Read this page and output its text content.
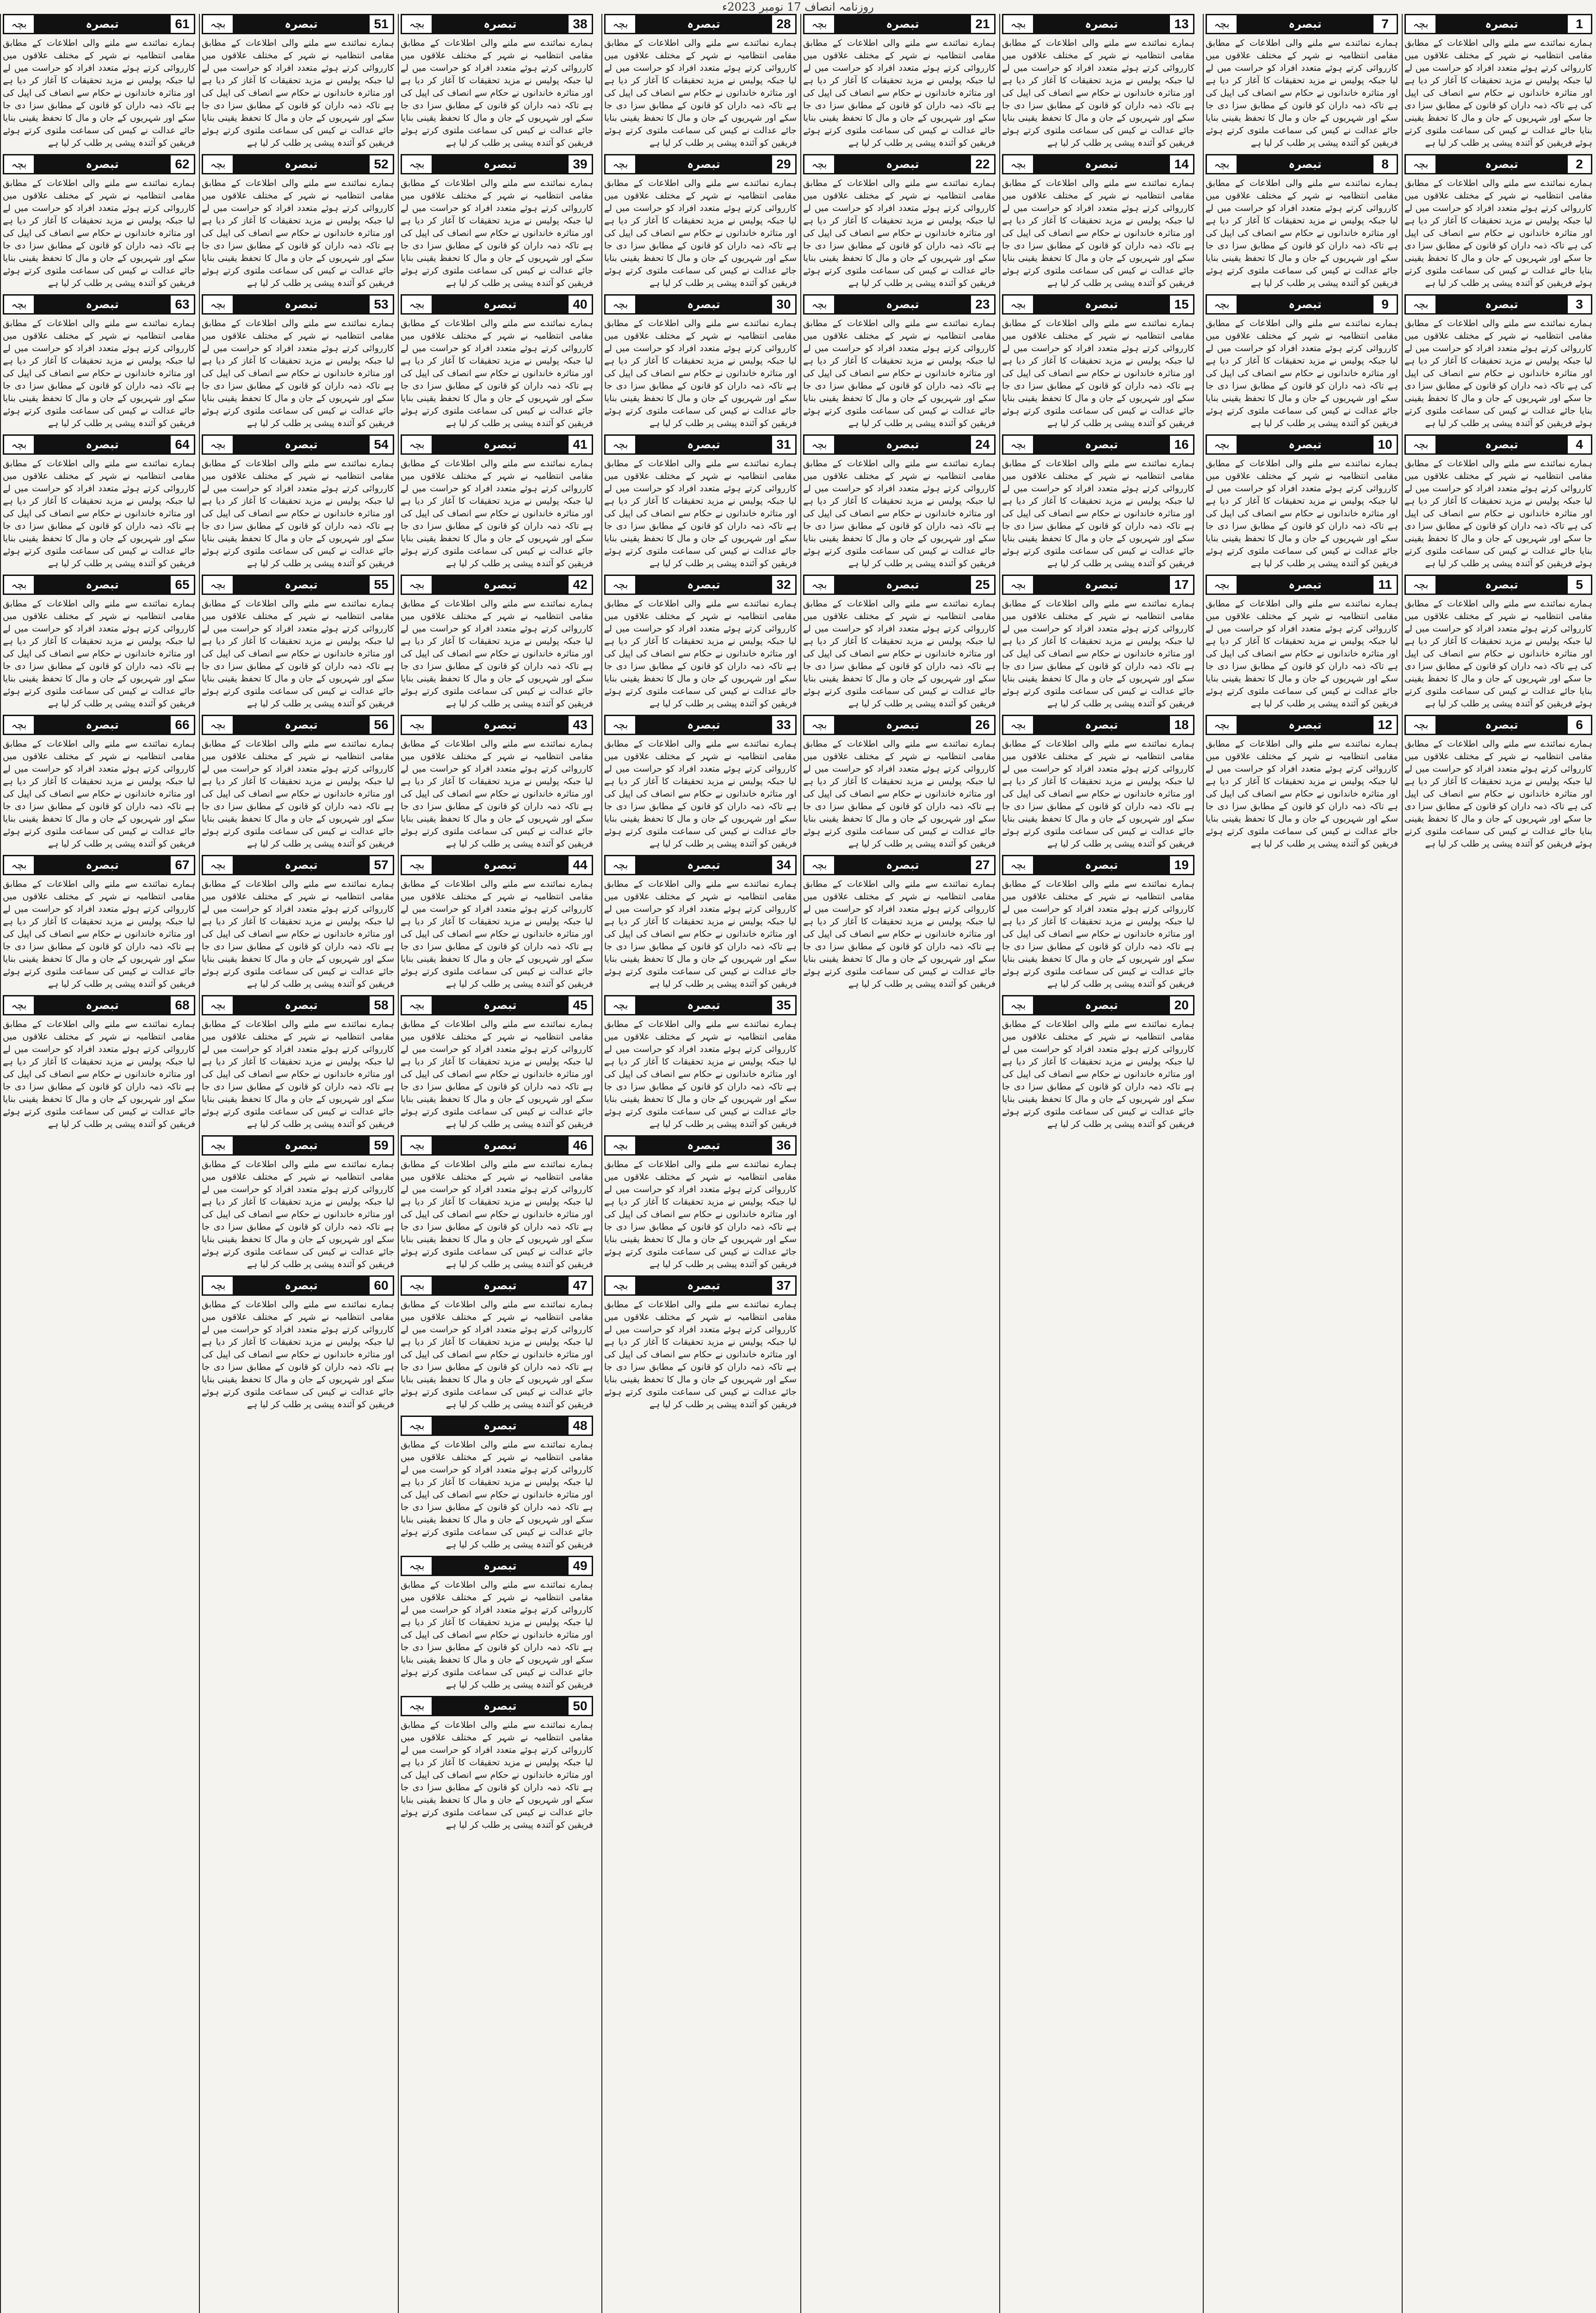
روزنامہ انصاف 17 نومبر 2023ء
بچہ	تبصرہ	61
ہمارے نمائندے سے ملنے والی اطلاعات کے مطابق مقامی انتظامیہ نے شہر کے مختلف علاقوں میں کارروائی کرتے ہوئے متعدد افراد کو حراست میں لے لیا جبکہ پولیس نے مزید تحقیقات کا آغاز کر دیا ہے اور متاثرہ خاندانوں نے حکام سے انصاف کی اپیل کی ہے تاکہ ذمہ داران کو قانون کے مطابق سزا دی جا سکے اور شہریوں کے جان و مال کا تحفظ یقینی بنایا جائے عدالت نے کیس کی سماعت ملتوی کرتے ہوئے فریقین کو آئندہ پیشی پر طلب کر لیا ہے
بچہ	تبصرہ	62
ہمارے نمائندے سے ملنے والی اطلاعات کے مطابق مقامی انتظامیہ نے شہر کے مختلف علاقوں میں کارروائی کرتے ہوئے متعدد افراد کو حراست میں لے لیا جبکہ پولیس نے مزید تحقیقات کا آغاز کر دیا ہے اور متاثرہ خاندانوں نے حکام سے انصاف کی اپیل کی ہے تاکہ ذمہ داران کو قانون کے مطابق سزا دی جا سکے اور شہریوں کے جان و مال کا تحفظ یقینی بنایا جائے عدالت نے کیس کی سماعت ملتوی کرتے ہوئے فریقین کو آئندہ پیشی پر طلب کر لیا ہے
بچہ	تبصرہ	63
ہمارے نمائندے سے ملنے والی اطلاعات کے مطابق مقامی انتظامیہ نے شہر کے مختلف علاقوں میں کارروائی کرتے ہوئے متعدد افراد کو حراست میں لے لیا جبکہ پولیس نے مزید تحقیقات کا آغاز کر دیا ہے اور متاثرہ خاندانوں نے حکام سے انصاف کی اپیل کی ہے تاکہ ذمہ داران کو قانون کے مطابق سزا دی جا سکے اور شہریوں کے جان و مال کا تحفظ یقینی بنایا جائے عدالت نے کیس کی سماعت ملتوی کرتے ہوئے فریقین کو آئندہ پیشی پر طلب کر لیا ہے
بچہ	تبصرہ	64
ہمارے نمائندے سے ملنے والی اطلاعات کے مطابق مقامی انتظامیہ نے شہر کے مختلف علاقوں میں کارروائی کرتے ہوئے متعدد افراد کو حراست میں لے لیا جبکہ پولیس نے مزید تحقیقات کا آغاز کر دیا ہے اور متاثرہ خاندانوں نے حکام سے انصاف کی اپیل کی ہے تاکہ ذمہ داران کو قانون کے مطابق سزا دی جا سکے اور شہریوں کے جان و مال کا تحفظ یقینی بنایا جائے عدالت نے کیس کی سماعت ملتوی کرتے ہوئے فریقین کو آئندہ پیشی پر طلب کر لیا ہے
بچہ	تبصرہ	65
ہمارے نمائندے سے ملنے والی اطلاعات کے مطابق مقامی انتظامیہ نے شہر کے مختلف علاقوں میں کارروائی کرتے ہوئے متعدد افراد کو حراست میں لے لیا جبکہ پولیس نے مزید تحقیقات کا آغاز کر دیا ہے اور متاثرہ خاندانوں نے حکام سے انصاف کی اپیل کی ہے تاکہ ذمہ داران کو قانون کے مطابق سزا دی جا سکے اور شہریوں کے جان و مال کا تحفظ یقینی بنایا جائے عدالت نے کیس کی سماعت ملتوی کرتے ہوئے فریقین کو آئندہ پیشی پر طلب کر لیا ہے
بچہ	تبصرہ	66
ہمارے نمائندے سے ملنے والی اطلاعات کے مطابق مقامی انتظامیہ نے شہر کے مختلف علاقوں میں کارروائی کرتے ہوئے متعدد افراد کو حراست میں لے لیا جبکہ پولیس نے مزید تحقیقات کا آغاز کر دیا ہے اور متاثرہ خاندانوں نے حکام سے انصاف کی اپیل کی ہے تاکہ ذمہ داران کو قانون کے مطابق سزا دی جا سکے اور شہریوں کے جان و مال کا تحفظ یقینی بنایا جائے عدالت نے کیس کی سماعت ملتوی کرتے ہوئے فریقین کو آئندہ پیشی پر طلب کر لیا ہے
بچہ	تبصرہ	67
ہمارے نمائندے سے ملنے والی اطلاعات کے مطابق مقامی انتظامیہ نے شہر کے مختلف علاقوں میں کارروائی کرتے ہوئے متعدد افراد کو حراست میں لے لیا جبکہ پولیس نے مزید تحقیقات کا آغاز کر دیا ہے اور متاثرہ خاندانوں نے حکام سے انصاف کی اپیل کی ہے تاکہ ذمہ داران کو قانون کے مطابق سزا دی جا سکے اور شہریوں کے جان و مال کا تحفظ یقینی بنایا جائے عدالت نے کیس کی سماعت ملتوی کرتے ہوئے فریقین کو آئندہ پیشی پر طلب کر لیا ہے
بچہ	تبصرہ	68
ہمارے نمائندے سے ملنے والی اطلاعات کے مطابق مقامی انتظامیہ نے شہر کے مختلف علاقوں میں کارروائی کرتے ہوئے متعدد افراد کو حراست میں لے لیا جبکہ پولیس نے مزید تحقیقات کا آغاز کر دیا ہے اور متاثرہ خاندانوں نے حکام سے انصاف کی اپیل کی ہے تاکہ ذمہ داران کو قانون کے مطابق سزا دی جا سکے اور شہریوں کے جان و مال کا تحفظ یقینی بنایا جائے عدالت نے کیس کی سماعت ملتوی کرتے ہوئے فریقین کو آئندہ پیشی پر طلب کر لیا ہے
بچہ	تبصرہ	51
ہمارے نمائندے سے ملنے والی اطلاعات کے مطابق مقامی انتظامیہ نے شہر کے مختلف علاقوں میں کارروائی کرتے ہوئے متعدد افراد کو حراست میں لے لیا جبکہ پولیس نے مزید تحقیقات کا آغاز کر دیا ہے اور متاثرہ خاندانوں نے حکام سے انصاف کی اپیل کی ہے تاکہ ذمہ داران کو قانون کے مطابق سزا دی جا سکے اور شہریوں کے جان و مال کا تحفظ یقینی بنایا جائے عدالت نے کیس کی سماعت ملتوی کرتے ہوئے فریقین کو آئندہ پیشی پر طلب کر لیا ہے
بچہ	تبصرہ	52
ہمارے نمائندے سے ملنے والی اطلاعات کے مطابق مقامی انتظامیہ نے شہر کے مختلف علاقوں میں کارروائی کرتے ہوئے متعدد افراد کو حراست میں لے لیا جبکہ پولیس نے مزید تحقیقات کا آغاز کر دیا ہے اور متاثرہ خاندانوں نے حکام سے انصاف کی اپیل کی ہے تاکہ ذمہ داران کو قانون کے مطابق سزا دی جا سکے اور شہریوں کے جان و مال کا تحفظ یقینی بنایا جائے عدالت نے کیس کی سماعت ملتوی کرتے ہوئے فریقین کو آئندہ پیشی پر طلب کر لیا ہے
بچہ	تبصرہ	53
ہمارے نمائندے سے ملنے والی اطلاعات کے مطابق مقامی انتظامیہ نے شہر کے مختلف علاقوں میں کارروائی کرتے ہوئے متعدد افراد کو حراست میں لے لیا جبکہ پولیس نے مزید تحقیقات کا آغاز کر دیا ہے اور متاثرہ خاندانوں نے حکام سے انصاف کی اپیل کی ہے تاکہ ذمہ داران کو قانون کے مطابق سزا دی جا سکے اور شہریوں کے جان و مال کا تحفظ یقینی بنایا جائے عدالت نے کیس کی سماعت ملتوی کرتے ہوئے فریقین کو آئندہ پیشی پر طلب کر لیا ہے
بچہ	تبصرہ	54
ہمارے نمائندے سے ملنے والی اطلاعات کے مطابق مقامی انتظامیہ نے شہر کے مختلف علاقوں میں کارروائی کرتے ہوئے متعدد افراد کو حراست میں لے لیا جبکہ پولیس نے مزید تحقیقات کا آغاز کر دیا ہے اور متاثرہ خاندانوں نے حکام سے انصاف کی اپیل کی ہے تاکہ ذمہ داران کو قانون کے مطابق سزا دی جا سکے اور شہریوں کے جان و مال کا تحفظ یقینی بنایا جائے عدالت نے کیس کی سماعت ملتوی کرتے ہوئے فریقین کو آئندہ پیشی پر طلب کر لیا ہے
بچہ	تبصرہ	55
ہمارے نمائندے سے ملنے والی اطلاعات کے مطابق مقامی انتظامیہ نے شہر کے مختلف علاقوں میں کارروائی کرتے ہوئے متعدد افراد کو حراست میں لے لیا جبکہ پولیس نے مزید تحقیقات کا آغاز کر دیا ہے اور متاثرہ خاندانوں نے حکام سے انصاف کی اپیل کی ہے تاکہ ذمہ داران کو قانون کے مطابق سزا دی جا سکے اور شہریوں کے جان و مال کا تحفظ یقینی بنایا جائے عدالت نے کیس کی سماعت ملتوی کرتے ہوئے فریقین کو آئندہ پیشی پر طلب کر لیا ہے
بچہ	تبصرہ	56
ہمارے نمائندے سے ملنے والی اطلاعات کے مطابق مقامی انتظامیہ نے شہر کے مختلف علاقوں میں کارروائی کرتے ہوئے متعدد افراد کو حراست میں لے لیا جبکہ پولیس نے مزید تحقیقات کا آغاز کر دیا ہے اور متاثرہ خاندانوں نے حکام سے انصاف کی اپیل کی ہے تاکہ ذمہ داران کو قانون کے مطابق سزا دی جا سکے اور شہریوں کے جان و مال کا تحفظ یقینی بنایا جائے عدالت نے کیس کی سماعت ملتوی کرتے ہوئے فریقین کو آئندہ پیشی پر طلب کر لیا ہے
بچہ	تبصرہ	57
ہمارے نمائندے سے ملنے والی اطلاعات کے مطابق مقامی انتظامیہ نے شہر کے مختلف علاقوں میں کارروائی کرتے ہوئے متعدد افراد کو حراست میں لے لیا جبکہ پولیس نے مزید تحقیقات کا آغاز کر دیا ہے اور متاثرہ خاندانوں نے حکام سے انصاف کی اپیل کی ہے تاکہ ذمہ داران کو قانون کے مطابق سزا دی جا سکے اور شہریوں کے جان و مال کا تحفظ یقینی بنایا جائے عدالت نے کیس کی سماعت ملتوی کرتے ہوئے فریقین کو آئندہ پیشی پر طلب کر لیا ہے
بچہ	تبصرہ	58
ہمارے نمائندے سے ملنے والی اطلاعات کے مطابق مقامی انتظامیہ نے شہر کے مختلف علاقوں میں کارروائی کرتے ہوئے متعدد افراد کو حراست میں لے لیا جبکہ پولیس نے مزید تحقیقات کا آغاز کر دیا ہے اور متاثرہ خاندانوں نے حکام سے انصاف کی اپیل کی ہے تاکہ ذمہ داران کو قانون کے مطابق سزا دی جا سکے اور شہریوں کے جان و مال کا تحفظ یقینی بنایا جائے عدالت نے کیس کی سماعت ملتوی کرتے ہوئے فریقین کو آئندہ پیشی پر طلب کر لیا ہے
بچہ	تبصرہ	59
ہمارے نمائندے سے ملنے والی اطلاعات کے مطابق مقامی انتظامیہ نے شہر کے مختلف علاقوں میں کارروائی کرتے ہوئے متعدد افراد کو حراست میں لے لیا جبکہ پولیس نے مزید تحقیقات کا آغاز کر دیا ہے اور متاثرہ خاندانوں نے حکام سے انصاف کی اپیل کی ہے تاکہ ذمہ داران کو قانون کے مطابق سزا دی جا سکے اور شہریوں کے جان و مال کا تحفظ یقینی بنایا جائے عدالت نے کیس کی سماعت ملتوی کرتے ہوئے فریقین کو آئندہ پیشی پر طلب کر لیا ہے
بچہ	تبصرہ	60
ہمارے نمائندے سے ملنے والی اطلاعات کے مطابق مقامی انتظامیہ نے شہر کے مختلف علاقوں میں کارروائی کرتے ہوئے متعدد افراد کو حراست میں لے لیا جبکہ پولیس نے مزید تحقیقات کا آغاز کر دیا ہے اور متاثرہ خاندانوں نے حکام سے انصاف کی اپیل کی ہے تاکہ ذمہ داران کو قانون کے مطابق سزا دی جا سکے اور شہریوں کے جان و مال کا تحفظ یقینی بنایا جائے عدالت نے کیس کی سماعت ملتوی کرتے ہوئے فریقین کو آئندہ پیشی پر طلب کر لیا ہے
بچہ	تبصرہ	38
ہمارے نمائندے سے ملنے والی اطلاعات کے مطابق مقامی انتظامیہ نے شہر کے مختلف علاقوں میں کارروائی کرتے ہوئے متعدد افراد کو حراست میں لے لیا جبکہ پولیس نے مزید تحقیقات کا آغاز کر دیا ہے اور متاثرہ خاندانوں نے حکام سے انصاف کی اپیل کی ہے تاکہ ذمہ داران کو قانون کے مطابق سزا دی جا سکے اور شہریوں کے جان و مال کا تحفظ یقینی بنایا جائے عدالت نے کیس کی سماعت ملتوی کرتے ہوئے فریقین کو آئندہ پیشی پر طلب کر لیا ہے
بچہ	تبصرہ	39
ہمارے نمائندے سے ملنے والی اطلاعات کے مطابق مقامی انتظامیہ نے شہر کے مختلف علاقوں میں کارروائی کرتے ہوئے متعدد افراد کو حراست میں لے لیا جبکہ پولیس نے مزید تحقیقات کا آغاز کر دیا ہے اور متاثرہ خاندانوں نے حکام سے انصاف کی اپیل کی ہے تاکہ ذمہ داران کو قانون کے مطابق سزا دی جا سکے اور شہریوں کے جان و مال کا تحفظ یقینی بنایا جائے عدالت نے کیس کی سماعت ملتوی کرتے ہوئے فریقین کو آئندہ پیشی پر طلب کر لیا ہے
بچہ	تبصرہ	40
ہمارے نمائندے سے ملنے والی اطلاعات کے مطابق مقامی انتظامیہ نے شہر کے مختلف علاقوں میں کارروائی کرتے ہوئے متعدد افراد کو حراست میں لے لیا جبکہ پولیس نے مزید تحقیقات کا آغاز کر دیا ہے اور متاثرہ خاندانوں نے حکام سے انصاف کی اپیل کی ہے تاکہ ذمہ داران کو قانون کے مطابق سزا دی جا سکے اور شہریوں کے جان و مال کا تحفظ یقینی بنایا جائے عدالت نے کیس کی سماعت ملتوی کرتے ہوئے فریقین کو آئندہ پیشی پر طلب کر لیا ہے
بچہ	تبصرہ	41
ہمارے نمائندے سے ملنے والی اطلاعات کے مطابق مقامی انتظامیہ نے شہر کے مختلف علاقوں میں کارروائی کرتے ہوئے متعدد افراد کو حراست میں لے لیا جبکہ پولیس نے مزید تحقیقات کا آغاز کر دیا ہے اور متاثرہ خاندانوں نے حکام سے انصاف کی اپیل کی ہے تاکہ ذمہ داران کو قانون کے مطابق سزا دی جا سکے اور شہریوں کے جان و مال کا تحفظ یقینی بنایا جائے عدالت نے کیس کی سماعت ملتوی کرتے ہوئے فریقین کو آئندہ پیشی پر طلب کر لیا ہے
بچہ	تبصرہ	42
ہمارے نمائندے سے ملنے والی اطلاعات کے مطابق مقامی انتظامیہ نے شہر کے مختلف علاقوں میں کارروائی کرتے ہوئے متعدد افراد کو حراست میں لے لیا جبکہ پولیس نے مزید تحقیقات کا آغاز کر دیا ہے اور متاثرہ خاندانوں نے حکام سے انصاف کی اپیل کی ہے تاکہ ذمہ داران کو قانون کے مطابق سزا دی جا سکے اور شہریوں کے جان و مال کا تحفظ یقینی بنایا جائے عدالت نے کیس کی سماعت ملتوی کرتے ہوئے فریقین کو آئندہ پیشی پر طلب کر لیا ہے
بچہ	تبصرہ	43
ہمارے نمائندے سے ملنے والی اطلاعات کے مطابق مقامی انتظامیہ نے شہر کے مختلف علاقوں میں کارروائی کرتے ہوئے متعدد افراد کو حراست میں لے لیا جبکہ پولیس نے مزید تحقیقات کا آغاز کر دیا ہے اور متاثرہ خاندانوں نے حکام سے انصاف کی اپیل کی ہے تاکہ ذمہ داران کو قانون کے مطابق سزا دی جا سکے اور شہریوں کے جان و مال کا تحفظ یقینی بنایا جائے عدالت نے کیس کی سماعت ملتوی کرتے ہوئے فریقین کو آئندہ پیشی پر طلب کر لیا ہے
بچہ	تبصرہ	44
ہمارے نمائندے سے ملنے والی اطلاعات کے مطابق مقامی انتظامیہ نے شہر کے مختلف علاقوں میں کارروائی کرتے ہوئے متعدد افراد کو حراست میں لے لیا جبکہ پولیس نے مزید تحقیقات کا آغاز کر دیا ہے اور متاثرہ خاندانوں نے حکام سے انصاف کی اپیل کی ہے تاکہ ذمہ داران کو قانون کے مطابق سزا دی جا سکے اور شہریوں کے جان و مال کا تحفظ یقینی بنایا جائے عدالت نے کیس کی سماعت ملتوی کرتے ہوئے فریقین کو آئندہ پیشی پر طلب کر لیا ہے
بچہ	تبصرہ	45
ہمارے نمائندے سے ملنے والی اطلاعات کے مطابق مقامی انتظامیہ نے شہر کے مختلف علاقوں میں کارروائی کرتے ہوئے متعدد افراد کو حراست میں لے لیا جبکہ پولیس نے مزید تحقیقات کا آغاز کر دیا ہے اور متاثرہ خاندانوں نے حکام سے انصاف کی اپیل کی ہے تاکہ ذمہ داران کو قانون کے مطابق سزا دی جا سکے اور شہریوں کے جان و مال کا تحفظ یقینی بنایا جائے عدالت نے کیس کی سماعت ملتوی کرتے ہوئے فریقین کو آئندہ پیشی پر طلب کر لیا ہے
بچہ	تبصرہ	46
ہمارے نمائندے سے ملنے والی اطلاعات کے مطابق مقامی انتظامیہ نے شہر کے مختلف علاقوں میں کارروائی کرتے ہوئے متعدد افراد کو حراست میں لے لیا جبکہ پولیس نے مزید تحقیقات کا آغاز کر دیا ہے اور متاثرہ خاندانوں نے حکام سے انصاف کی اپیل کی ہے تاکہ ذمہ داران کو قانون کے مطابق سزا دی جا سکے اور شہریوں کے جان و مال کا تحفظ یقینی بنایا جائے عدالت نے کیس کی سماعت ملتوی کرتے ہوئے فریقین کو آئندہ پیشی پر طلب کر لیا ہے
بچہ	تبصرہ	47
ہمارے نمائندے سے ملنے والی اطلاعات کے مطابق مقامی انتظامیہ نے شہر کے مختلف علاقوں میں کارروائی کرتے ہوئے متعدد افراد کو حراست میں لے لیا جبکہ پولیس نے مزید تحقیقات کا آغاز کر دیا ہے اور متاثرہ خاندانوں نے حکام سے انصاف کی اپیل کی ہے تاکہ ذمہ داران کو قانون کے مطابق سزا دی جا سکے اور شہریوں کے جان و مال کا تحفظ یقینی بنایا جائے عدالت نے کیس کی سماعت ملتوی کرتے ہوئے فریقین کو آئندہ پیشی پر طلب کر لیا ہے
بچہ	تبصرہ	48
ہمارے نمائندے سے ملنے والی اطلاعات کے مطابق مقامی انتظامیہ نے شہر کے مختلف علاقوں میں کارروائی کرتے ہوئے متعدد افراد کو حراست میں لے لیا جبکہ پولیس نے مزید تحقیقات کا آغاز کر دیا ہے اور متاثرہ خاندانوں نے حکام سے انصاف کی اپیل کی ہے تاکہ ذمہ داران کو قانون کے مطابق سزا دی جا سکے اور شہریوں کے جان و مال کا تحفظ یقینی بنایا جائے عدالت نے کیس کی سماعت ملتوی کرتے ہوئے فریقین کو آئندہ پیشی پر طلب کر لیا ہے
بچہ	تبصرہ	49
ہمارے نمائندے سے ملنے والی اطلاعات کے مطابق مقامی انتظامیہ نے شہر کے مختلف علاقوں میں کارروائی کرتے ہوئے متعدد افراد کو حراست میں لے لیا جبکہ پولیس نے مزید تحقیقات کا آغاز کر دیا ہے اور متاثرہ خاندانوں نے حکام سے انصاف کی اپیل کی ہے تاکہ ذمہ داران کو قانون کے مطابق سزا دی جا سکے اور شہریوں کے جان و مال کا تحفظ یقینی بنایا جائے عدالت نے کیس کی سماعت ملتوی کرتے ہوئے فریقین کو آئندہ پیشی پر طلب کر لیا ہے
بچہ	تبصرہ	50
ہمارے نمائندے سے ملنے والی اطلاعات کے مطابق مقامی انتظامیہ نے شہر کے مختلف علاقوں میں کارروائی کرتے ہوئے متعدد افراد کو حراست میں لے لیا جبکہ پولیس نے مزید تحقیقات کا آغاز کر دیا ہے اور متاثرہ خاندانوں نے حکام سے انصاف کی اپیل کی ہے تاکہ ذمہ داران کو قانون کے مطابق سزا دی جا سکے اور شہریوں کے جان و مال کا تحفظ یقینی بنایا جائے عدالت نے کیس کی سماعت ملتوی کرتے ہوئے فریقین کو آئندہ پیشی پر طلب کر لیا ہے
بچہ	تبصرہ	28
ہمارے نمائندے سے ملنے والی اطلاعات کے مطابق مقامی انتظامیہ نے شہر کے مختلف علاقوں میں کارروائی کرتے ہوئے متعدد افراد کو حراست میں لے لیا جبکہ پولیس نے مزید تحقیقات کا آغاز کر دیا ہے اور متاثرہ خاندانوں نے حکام سے انصاف کی اپیل کی ہے تاکہ ذمہ داران کو قانون کے مطابق سزا دی جا سکے اور شہریوں کے جان و مال کا تحفظ یقینی بنایا جائے عدالت نے کیس کی سماعت ملتوی کرتے ہوئے فریقین کو آئندہ پیشی پر طلب کر لیا ہے
بچہ	تبصرہ	29
ہمارے نمائندے سے ملنے والی اطلاعات کے مطابق مقامی انتظامیہ نے شہر کے مختلف علاقوں میں کارروائی کرتے ہوئے متعدد افراد کو حراست میں لے لیا جبکہ پولیس نے مزید تحقیقات کا آغاز کر دیا ہے اور متاثرہ خاندانوں نے حکام سے انصاف کی اپیل کی ہے تاکہ ذمہ داران کو قانون کے مطابق سزا دی جا سکے اور شہریوں کے جان و مال کا تحفظ یقینی بنایا جائے عدالت نے کیس کی سماعت ملتوی کرتے ہوئے فریقین کو آئندہ پیشی پر طلب کر لیا ہے
بچہ	تبصرہ	30
ہمارے نمائندے سے ملنے والی اطلاعات کے مطابق مقامی انتظامیہ نے شہر کے مختلف علاقوں میں کارروائی کرتے ہوئے متعدد افراد کو حراست میں لے لیا جبکہ پولیس نے مزید تحقیقات کا آغاز کر دیا ہے اور متاثرہ خاندانوں نے حکام سے انصاف کی اپیل کی ہے تاکہ ذمہ داران کو قانون کے مطابق سزا دی جا سکے اور شہریوں کے جان و مال کا تحفظ یقینی بنایا جائے عدالت نے کیس کی سماعت ملتوی کرتے ہوئے فریقین کو آئندہ پیشی پر طلب کر لیا ہے
بچہ	تبصرہ	31
ہمارے نمائندے سے ملنے والی اطلاعات کے مطابق مقامی انتظامیہ نے شہر کے مختلف علاقوں میں کارروائی کرتے ہوئے متعدد افراد کو حراست میں لے لیا جبکہ پولیس نے مزید تحقیقات کا آغاز کر دیا ہے اور متاثرہ خاندانوں نے حکام سے انصاف کی اپیل کی ہے تاکہ ذمہ داران کو قانون کے مطابق سزا دی جا سکے اور شہریوں کے جان و مال کا تحفظ یقینی بنایا جائے عدالت نے کیس کی سماعت ملتوی کرتے ہوئے فریقین کو آئندہ پیشی پر طلب کر لیا ہے
بچہ	تبصرہ	32
ہمارے نمائندے سے ملنے والی اطلاعات کے مطابق مقامی انتظامیہ نے شہر کے مختلف علاقوں میں کارروائی کرتے ہوئے متعدد افراد کو حراست میں لے لیا جبکہ پولیس نے مزید تحقیقات کا آغاز کر دیا ہے اور متاثرہ خاندانوں نے حکام سے انصاف کی اپیل کی ہے تاکہ ذمہ داران کو قانون کے مطابق سزا دی جا سکے اور شہریوں کے جان و مال کا تحفظ یقینی بنایا جائے عدالت نے کیس کی سماعت ملتوی کرتے ہوئے فریقین کو آئندہ پیشی پر طلب کر لیا ہے
بچہ	تبصرہ	33
ہمارے نمائندے سے ملنے والی اطلاعات کے مطابق مقامی انتظامیہ نے شہر کے مختلف علاقوں میں کارروائی کرتے ہوئے متعدد افراد کو حراست میں لے لیا جبکہ پولیس نے مزید تحقیقات کا آغاز کر دیا ہے اور متاثرہ خاندانوں نے حکام سے انصاف کی اپیل کی ہے تاکہ ذمہ داران کو قانون کے مطابق سزا دی جا سکے اور شہریوں کے جان و مال کا تحفظ یقینی بنایا جائے عدالت نے کیس کی سماعت ملتوی کرتے ہوئے فریقین کو آئندہ پیشی پر طلب کر لیا ہے
بچہ	تبصرہ	34
ہمارے نمائندے سے ملنے والی اطلاعات کے مطابق مقامی انتظامیہ نے شہر کے مختلف علاقوں میں کارروائی کرتے ہوئے متعدد افراد کو حراست میں لے لیا جبکہ پولیس نے مزید تحقیقات کا آغاز کر دیا ہے اور متاثرہ خاندانوں نے حکام سے انصاف کی اپیل کی ہے تاکہ ذمہ داران کو قانون کے مطابق سزا دی جا سکے اور شہریوں کے جان و مال کا تحفظ یقینی بنایا جائے عدالت نے کیس کی سماعت ملتوی کرتے ہوئے فریقین کو آئندہ پیشی پر طلب کر لیا ہے
بچہ	تبصرہ	35
ہمارے نمائندے سے ملنے والی اطلاعات کے مطابق مقامی انتظامیہ نے شہر کے مختلف علاقوں میں کارروائی کرتے ہوئے متعدد افراد کو حراست میں لے لیا جبکہ پولیس نے مزید تحقیقات کا آغاز کر دیا ہے اور متاثرہ خاندانوں نے حکام سے انصاف کی اپیل کی ہے تاکہ ذمہ داران کو قانون کے مطابق سزا دی جا سکے اور شہریوں کے جان و مال کا تحفظ یقینی بنایا جائے عدالت نے کیس کی سماعت ملتوی کرتے ہوئے فریقین کو آئندہ پیشی پر طلب کر لیا ہے
بچہ	تبصرہ	36
ہمارے نمائندے سے ملنے والی اطلاعات کے مطابق مقامی انتظامیہ نے شہر کے مختلف علاقوں میں کارروائی کرتے ہوئے متعدد افراد کو حراست میں لے لیا جبکہ پولیس نے مزید تحقیقات کا آغاز کر دیا ہے اور متاثرہ خاندانوں نے حکام سے انصاف کی اپیل کی ہے تاکہ ذمہ داران کو قانون کے مطابق سزا دی جا سکے اور شہریوں کے جان و مال کا تحفظ یقینی بنایا جائے عدالت نے کیس کی سماعت ملتوی کرتے ہوئے فریقین کو آئندہ پیشی پر طلب کر لیا ہے
بچہ	تبصرہ	37
ہمارے نمائندے سے ملنے والی اطلاعات کے مطابق مقامی انتظامیہ نے شہر کے مختلف علاقوں میں کارروائی کرتے ہوئے متعدد افراد کو حراست میں لے لیا جبکہ پولیس نے مزید تحقیقات کا آغاز کر دیا ہے اور متاثرہ خاندانوں نے حکام سے انصاف کی اپیل کی ہے تاکہ ذمہ داران کو قانون کے مطابق سزا دی جا سکے اور شہریوں کے جان و مال کا تحفظ یقینی بنایا جائے عدالت نے کیس کی سماعت ملتوی کرتے ہوئے فریقین کو آئندہ پیشی پر طلب کر لیا ہے
بچہ	تبصرہ	21
ہمارے نمائندے سے ملنے والی اطلاعات کے مطابق مقامی انتظامیہ نے شہر کے مختلف علاقوں میں کارروائی کرتے ہوئے متعدد افراد کو حراست میں لے لیا جبکہ پولیس نے مزید تحقیقات کا آغاز کر دیا ہے اور متاثرہ خاندانوں نے حکام سے انصاف کی اپیل کی ہے تاکہ ذمہ داران کو قانون کے مطابق سزا دی جا سکے اور شہریوں کے جان و مال کا تحفظ یقینی بنایا جائے عدالت نے کیس کی سماعت ملتوی کرتے ہوئے فریقین کو آئندہ پیشی پر طلب کر لیا ہے
بچہ	تبصرہ	22
ہمارے نمائندے سے ملنے والی اطلاعات کے مطابق مقامی انتظامیہ نے شہر کے مختلف علاقوں میں کارروائی کرتے ہوئے متعدد افراد کو حراست میں لے لیا جبکہ پولیس نے مزید تحقیقات کا آغاز کر دیا ہے اور متاثرہ خاندانوں نے حکام سے انصاف کی اپیل کی ہے تاکہ ذمہ داران کو قانون کے مطابق سزا دی جا سکے اور شہریوں کے جان و مال کا تحفظ یقینی بنایا جائے عدالت نے کیس کی سماعت ملتوی کرتے ہوئے فریقین کو آئندہ پیشی پر طلب کر لیا ہے
بچہ	تبصرہ	23
ہمارے نمائندے سے ملنے والی اطلاعات کے مطابق مقامی انتظامیہ نے شہر کے مختلف علاقوں میں کارروائی کرتے ہوئے متعدد افراد کو حراست میں لے لیا جبکہ پولیس نے مزید تحقیقات کا آغاز کر دیا ہے اور متاثرہ خاندانوں نے حکام سے انصاف کی اپیل کی ہے تاکہ ذمہ داران کو قانون کے مطابق سزا دی جا سکے اور شہریوں کے جان و مال کا تحفظ یقینی بنایا جائے عدالت نے کیس کی سماعت ملتوی کرتے ہوئے فریقین کو آئندہ پیشی پر طلب کر لیا ہے
بچہ	تبصرہ	24
ہمارے نمائندے سے ملنے والی اطلاعات کے مطابق مقامی انتظامیہ نے شہر کے مختلف علاقوں میں کارروائی کرتے ہوئے متعدد افراد کو حراست میں لے لیا جبکہ پولیس نے مزید تحقیقات کا آغاز کر دیا ہے اور متاثرہ خاندانوں نے حکام سے انصاف کی اپیل کی ہے تاکہ ذمہ داران کو قانون کے مطابق سزا دی جا سکے اور شہریوں کے جان و مال کا تحفظ یقینی بنایا جائے عدالت نے کیس کی سماعت ملتوی کرتے ہوئے فریقین کو آئندہ پیشی پر طلب کر لیا ہے
بچہ	تبصرہ	25
ہمارے نمائندے سے ملنے والی اطلاعات کے مطابق مقامی انتظامیہ نے شہر کے مختلف علاقوں میں کارروائی کرتے ہوئے متعدد افراد کو حراست میں لے لیا جبکہ پولیس نے مزید تحقیقات کا آغاز کر دیا ہے اور متاثرہ خاندانوں نے حکام سے انصاف کی اپیل کی ہے تاکہ ذمہ داران کو قانون کے مطابق سزا دی جا سکے اور شہریوں کے جان و مال کا تحفظ یقینی بنایا جائے عدالت نے کیس کی سماعت ملتوی کرتے ہوئے فریقین کو آئندہ پیشی پر طلب کر لیا ہے
بچہ	تبصرہ	26
ہمارے نمائندے سے ملنے والی اطلاعات کے مطابق مقامی انتظامیہ نے شہر کے مختلف علاقوں میں کارروائی کرتے ہوئے متعدد افراد کو حراست میں لے لیا جبکہ پولیس نے مزید تحقیقات کا آغاز کر دیا ہے اور متاثرہ خاندانوں نے حکام سے انصاف کی اپیل کی ہے تاکہ ذمہ داران کو قانون کے مطابق سزا دی جا سکے اور شہریوں کے جان و مال کا تحفظ یقینی بنایا جائے عدالت نے کیس کی سماعت ملتوی کرتے ہوئے فریقین کو آئندہ پیشی پر طلب کر لیا ہے
بچہ	تبصرہ	27
ہمارے نمائندے سے ملنے والی اطلاعات کے مطابق مقامی انتظامیہ نے شہر کے مختلف علاقوں میں کارروائی کرتے ہوئے متعدد افراد کو حراست میں لے لیا جبکہ پولیس نے مزید تحقیقات کا آغاز کر دیا ہے اور متاثرہ خاندانوں نے حکام سے انصاف کی اپیل کی ہے تاکہ ذمہ داران کو قانون کے مطابق سزا دی جا سکے اور شہریوں کے جان و مال کا تحفظ یقینی بنایا جائے عدالت نے کیس کی سماعت ملتوی کرتے ہوئے فریقین کو آئندہ پیشی پر طلب کر لیا ہے
بچہ	تبصرہ	13
ہمارے نمائندے سے ملنے والی اطلاعات کے مطابق مقامی انتظامیہ نے شہر کے مختلف علاقوں میں کارروائی کرتے ہوئے متعدد افراد کو حراست میں لے لیا جبکہ پولیس نے مزید تحقیقات کا آغاز کر دیا ہے اور متاثرہ خاندانوں نے حکام سے انصاف کی اپیل کی ہے تاکہ ذمہ داران کو قانون کے مطابق سزا دی جا سکے اور شہریوں کے جان و مال کا تحفظ یقینی بنایا جائے عدالت نے کیس کی سماعت ملتوی کرتے ہوئے فریقین کو آئندہ پیشی پر طلب کر لیا ہے
بچہ	تبصرہ	14
ہمارے نمائندے سے ملنے والی اطلاعات کے مطابق مقامی انتظامیہ نے شہر کے مختلف علاقوں میں کارروائی کرتے ہوئے متعدد افراد کو حراست میں لے لیا جبکہ پولیس نے مزید تحقیقات کا آغاز کر دیا ہے اور متاثرہ خاندانوں نے حکام سے انصاف کی اپیل کی ہے تاکہ ذمہ داران کو قانون کے مطابق سزا دی جا سکے اور شہریوں کے جان و مال کا تحفظ یقینی بنایا جائے عدالت نے کیس کی سماعت ملتوی کرتے ہوئے فریقین کو آئندہ پیشی پر طلب کر لیا ہے
بچہ	تبصرہ	15
ہمارے نمائندے سے ملنے والی اطلاعات کے مطابق مقامی انتظامیہ نے شہر کے مختلف علاقوں میں کارروائی کرتے ہوئے متعدد افراد کو حراست میں لے لیا جبکہ پولیس نے مزید تحقیقات کا آغاز کر دیا ہے اور متاثرہ خاندانوں نے حکام سے انصاف کی اپیل کی ہے تاکہ ذمہ داران کو قانون کے مطابق سزا دی جا سکے اور شہریوں کے جان و مال کا تحفظ یقینی بنایا جائے عدالت نے کیس کی سماعت ملتوی کرتے ہوئے فریقین کو آئندہ پیشی پر طلب کر لیا ہے
بچہ	تبصرہ	16
ہمارے نمائندے سے ملنے والی اطلاعات کے مطابق مقامی انتظامیہ نے شہر کے مختلف علاقوں میں کارروائی کرتے ہوئے متعدد افراد کو حراست میں لے لیا جبکہ پولیس نے مزید تحقیقات کا آغاز کر دیا ہے اور متاثرہ خاندانوں نے حکام سے انصاف کی اپیل کی ہے تاکہ ذمہ داران کو قانون کے مطابق سزا دی جا سکے اور شہریوں کے جان و مال کا تحفظ یقینی بنایا جائے عدالت نے کیس کی سماعت ملتوی کرتے ہوئے فریقین کو آئندہ پیشی پر طلب کر لیا ہے
بچہ	تبصرہ	17
ہمارے نمائندے سے ملنے والی اطلاعات کے مطابق مقامی انتظامیہ نے شہر کے مختلف علاقوں میں کارروائی کرتے ہوئے متعدد افراد کو حراست میں لے لیا جبکہ پولیس نے مزید تحقیقات کا آغاز کر دیا ہے اور متاثرہ خاندانوں نے حکام سے انصاف کی اپیل کی ہے تاکہ ذمہ داران کو قانون کے مطابق سزا دی جا سکے اور شہریوں کے جان و مال کا تحفظ یقینی بنایا جائے عدالت نے کیس کی سماعت ملتوی کرتے ہوئے فریقین کو آئندہ پیشی پر طلب کر لیا ہے
بچہ	تبصرہ	18
ہمارے نمائندے سے ملنے والی اطلاعات کے مطابق مقامی انتظامیہ نے شہر کے مختلف علاقوں میں کارروائی کرتے ہوئے متعدد افراد کو حراست میں لے لیا جبکہ پولیس نے مزید تحقیقات کا آغاز کر دیا ہے اور متاثرہ خاندانوں نے حکام سے انصاف کی اپیل کی ہے تاکہ ذمہ داران کو قانون کے مطابق سزا دی جا سکے اور شہریوں کے جان و مال کا تحفظ یقینی بنایا جائے عدالت نے کیس کی سماعت ملتوی کرتے ہوئے فریقین کو آئندہ پیشی پر طلب کر لیا ہے
بچہ	تبصرہ	19
ہمارے نمائندے سے ملنے والی اطلاعات کے مطابق مقامی انتظامیہ نے شہر کے مختلف علاقوں میں کارروائی کرتے ہوئے متعدد افراد کو حراست میں لے لیا جبکہ پولیس نے مزید تحقیقات کا آغاز کر دیا ہے اور متاثرہ خاندانوں نے حکام سے انصاف کی اپیل کی ہے تاکہ ذمہ داران کو قانون کے مطابق سزا دی جا سکے اور شہریوں کے جان و مال کا تحفظ یقینی بنایا جائے عدالت نے کیس کی سماعت ملتوی کرتے ہوئے فریقین کو آئندہ پیشی پر طلب کر لیا ہے
بچہ	تبصرہ	20
ہمارے نمائندے سے ملنے والی اطلاعات کے مطابق مقامی انتظامیہ نے شہر کے مختلف علاقوں میں کارروائی کرتے ہوئے متعدد افراد کو حراست میں لے لیا جبکہ پولیس نے مزید تحقیقات کا آغاز کر دیا ہے اور متاثرہ خاندانوں نے حکام سے انصاف کی اپیل کی ہے تاکہ ذمہ داران کو قانون کے مطابق سزا دی جا سکے اور شہریوں کے جان و مال کا تحفظ یقینی بنایا جائے عدالت نے کیس کی سماعت ملتوی کرتے ہوئے فریقین کو آئندہ پیشی پر طلب کر لیا ہے
بچہ	تبصرہ	7
ہمارے نمائندے سے ملنے والی اطلاعات کے مطابق مقامی انتظامیہ نے شہر کے مختلف علاقوں میں کارروائی کرتے ہوئے متعدد افراد کو حراست میں لے لیا جبکہ پولیس نے مزید تحقیقات کا آغاز کر دیا ہے اور متاثرہ خاندانوں نے حکام سے انصاف کی اپیل کی ہے تاکہ ذمہ داران کو قانون کے مطابق سزا دی جا سکے اور شہریوں کے جان و مال کا تحفظ یقینی بنایا جائے عدالت نے کیس کی سماعت ملتوی کرتے ہوئے فریقین کو آئندہ پیشی پر طلب کر لیا ہے
بچہ	تبصرہ	8
ہمارے نمائندے سے ملنے والی اطلاعات کے مطابق مقامی انتظامیہ نے شہر کے مختلف علاقوں میں کارروائی کرتے ہوئے متعدد افراد کو حراست میں لے لیا جبکہ پولیس نے مزید تحقیقات کا آغاز کر دیا ہے اور متاثرہ خاندانوں نے حکام سے انصاف کی اپیل کی ہے تاکہ ذمہ داران کو قانون کے مطابق سزا دی جا سکے اور شہریوں کے جان و مال کا تحفظ یقینی بنایا جائے عدالت نے کیس کی سماعت ملتوی کرتے ہوئے فریقین کو آئندہ پیشی پر طلب کر لیا ہے
بچہ	تبصرہ	9
ہمارے نمائندے سے ملنے والی اطلاعات کے مطابق مقامی انتظامیہ نے شہر کے مختلف علاقوں میں کارروائی کرتے ہوئے متعدد افراد کو حراست میں لے لیا جبکہ پولیس نے مزید تحقیقات کا آغاز کر دیا ہے اور متاثرہ خاندانوں نے حکام سے انصاف کی اپیل کی ہے تاکہ ذمہ داران کو قانون کے مطابق سزا دی جا سکے اور شہریوں کے جان و مال کا تحفظ یقینی بنایا جائے عدالت نے کیس کی سماعت ملتوی کرتے ہوئے فریقین کو آئندہ پیشی پر طلب کر لیا ہے
بچہ	تبصرہ	10
ہمارے نمائندے سے ملنے والی اطلاعات کے مطابق مقامی انتظامیہ نے شہر کے مختلف علاقوں میں کارروائی کرتے ہوئے متعدد افراد کو حراست میں لے لیا جبکہ پولیس نے مزید تحقیقات کا آغاز کر دیا ہے اور متاثرہ خاندانوں نے حکام سے انصاف کی اپیل کی ہے تاکہ ذمہ داران کو قانون کے مطابق سزا دی جا سکے اور شہریوں کے جان و مال کا تحفظ یقینی بنایا جائے عدالت نے کیس کی سماعت ملتوی کرتے ہوئے فریقین کو آئندہ پیشی پر طلب کر لیا ہے
بچہ	تبصرہ	11
ہمارے نمائندے سے ملنے والی اطلاعات کے مطابق مقامی انتظامیہ نے شہر کے مختلف علاقوں میں کارروائی کرتے ہوئے متعدد افراد کو حراست میں لے لیا جبکہ پولیس نے مزید تحقیقات کا آغاز کر دیا ہے اور متاثرہ خاندانوں نے حکام سے انصاف کی اپیل کی ہے تاکہ ذمہ داران کو قانون کے مطابق سزا دی جا سکے اور شہریوں کے جان و مال کا تحفظ یقینی بنایا جائے عدالت نے کیس کی سماعت ملتوی کرتے ہوئے فریقین کو آئندہ پیشی پر طلب کر لیا ہے
بچہ	تبصرہ	12
ہمارے نمائندے سے ملنے والی اطلاعات کے مطابق مقامی انتظامیہ نے شہر کے مختلف علاقوں میں کارروائی کرتے ہوئے متعدد افراد کو حراست میں لے لیا جبکہ پولیس نے مزید تحقیقات کا آغاز کر دیا ہے اور متاثرہ خاندانوں نے حکام سے انصاف کی اپیل کی ہے تاکہ ذمہ داران کو قانون کے مطابق سزا دی جا سکے اور شہریوں کے جان و مال کا تحفظ یقینی بنایا جائے عدالت نے کیس کی سماعت ملتوی کرتے ہوئے فریقین کو آئندہ پیشی پر طلب کر لیا ہے
بچہ	تبصرہ	1
ہمارے نمائندے سے ملنے والی اطلاعات کے مطابق مقامی انتظامیہ نے شہر کے مختلف علاقوں میں کارروائی کرتے ہوئے متعدد افراد کو حراست میں لے لیا جبکہ پولیس نے مزید تحقیقات کا آغاز کر دیا ہے اور متاثرہ خاندانوں نے حکام سے انصاف کی اپیل کی ہے تاکہ ذمہ داران کو قانون کے مطابق سزا دی جا سکے اور شہریوں کے جان و مال کا تحفظ یقینی بنایا جائے عدالت نے کیس کی سماعت ملتوی کرتے ہوئے فریقین کو آئندہ پیشی پر طلب کر لیا ہے
بچہ	تبصرہ	2
ہمارے نمائندے سے ملنے والی اطلاعات کے مطابق مقامی انتظامیہ نے شہر کے مختلف علاقوں میں کارروائی کرتے ہوئے متعدد افراد کو حراست میں لے لیا جبکہ پولیس نے مزید تحقیقات کا آغاز کر دیا ہے اور متاثرہ خاندانوں نے حکام سے انصاف کی اپیل کی ہے تاکہ ذمہ داران کو قانون کے مطابق سزا دی جا سکے اور شہریوں کے جان و مال کا تحفظ یقینی بنایا جائے عدالت نے کیس کی سماعت ملتوی کرتے ہوئے فریقین کو آئندہ پیشی پر طلب کر لیا ہے
بچہ	تبصرہ	3
ہمارے نمائندے سے ملنے والی اطلاعات کے مطابق مقامی انتظامیہ نے شہر کے مختلف علاقوں میں کارروائی کرتے ہوئے متعدد افراد کو حراست میں لے لیا جبکہ پولیس نے مزید تحقیقات کا آغاز کر دیا ہے اور متاثرہ خاندانوں نے حکام سے انصاف کی اپیل کی ہے تاکہ ذمہ داران کو قانون کے مطابق سزا دی جا سکے اور شہریوں کے جان و مال کا تحفظ یقینی بنایا جائے عدالت نے کیس کی سماعت ملتوی کرتے ہوئے فریقین کو آئندہ پیشی پر طلب کر لیا ہے
بچہ	تبصرہ	4
ہمارے نمائندے سے ملنے والی اطلاعات کے مطابق مقامی انتظامیہ نے شہر کے مختلف علاقوں میں کارروائی کرتے ہوئے متعدد افراد کو حراست میں لے لیا جبکہ پولیس نے مزید تحقیقات کا آغاز کر دیا ہے اور متاثرہ خاندانوں نے حکام سے انصاف کی اپیل کی ہے تاکہ ذمہ داران کو قانون کے مطابق سزا دی جا سکے اور شہریوں کے جان و مال کا تحفظ یقینی بنایا جائے عدالت نے کیس کی سماعت ملتوی کرتے ہوئے فریقین کو آئندہ پیشی پر طلب کر لیا ہے
بچہ	تبصرہ	5
ہمارے نمائندے سے ملنے والی اطلاعات کے مطابق مقامی انتظامیہ نے شہر کے مختلف علاقوں میں کارروائی کرتے ہوئے متعدد افراد کو حراست میں لے لیا جبکہ پولیس نے مزید تحقیقات کا آغاز کر دیا ہے اور متاثرہ خاندانوں نے حکام سے انصاف کی اپیل کی ہے تاکہ ذمہ داران کو قانون کے مطابق سزا دی جا سکے اور شہریوں کے جان و مال کا تحفظ یقینی بنایا جائے عدالت نے کیس کی سماعت ملتوی کرتے ہوئے فریقین کو آئندہ پیشی پر طلب کر لیا ہے
بچہ	تبصرہ	6
ہمارے نمائندے سے ملنے والی اطلاعات کے مطابق مقامی انتظامیہ نے شہر کے مختلف علاقوں میں کارروائی کرتے ہوئے متعدد افراد کو حراست میں لے لیا جبکہ پولیس نے مزید تحقیقات کا آغاز کر دیا ہے اور متاثرہ خاندانوں نے حکام سے انصاف کی اپیل کی ہے تاکہ ذمہ داران کو قانون کے مطابق سزا دی جا سکے اور شہریوں کے جان و مال کا تحفظ یقینی بنایا جائے عدالت نے کیس کی سماعت ملتوی کرتے ہوئے فریقین کو آئندہ پیشی پر طلب کر لیا ہے
